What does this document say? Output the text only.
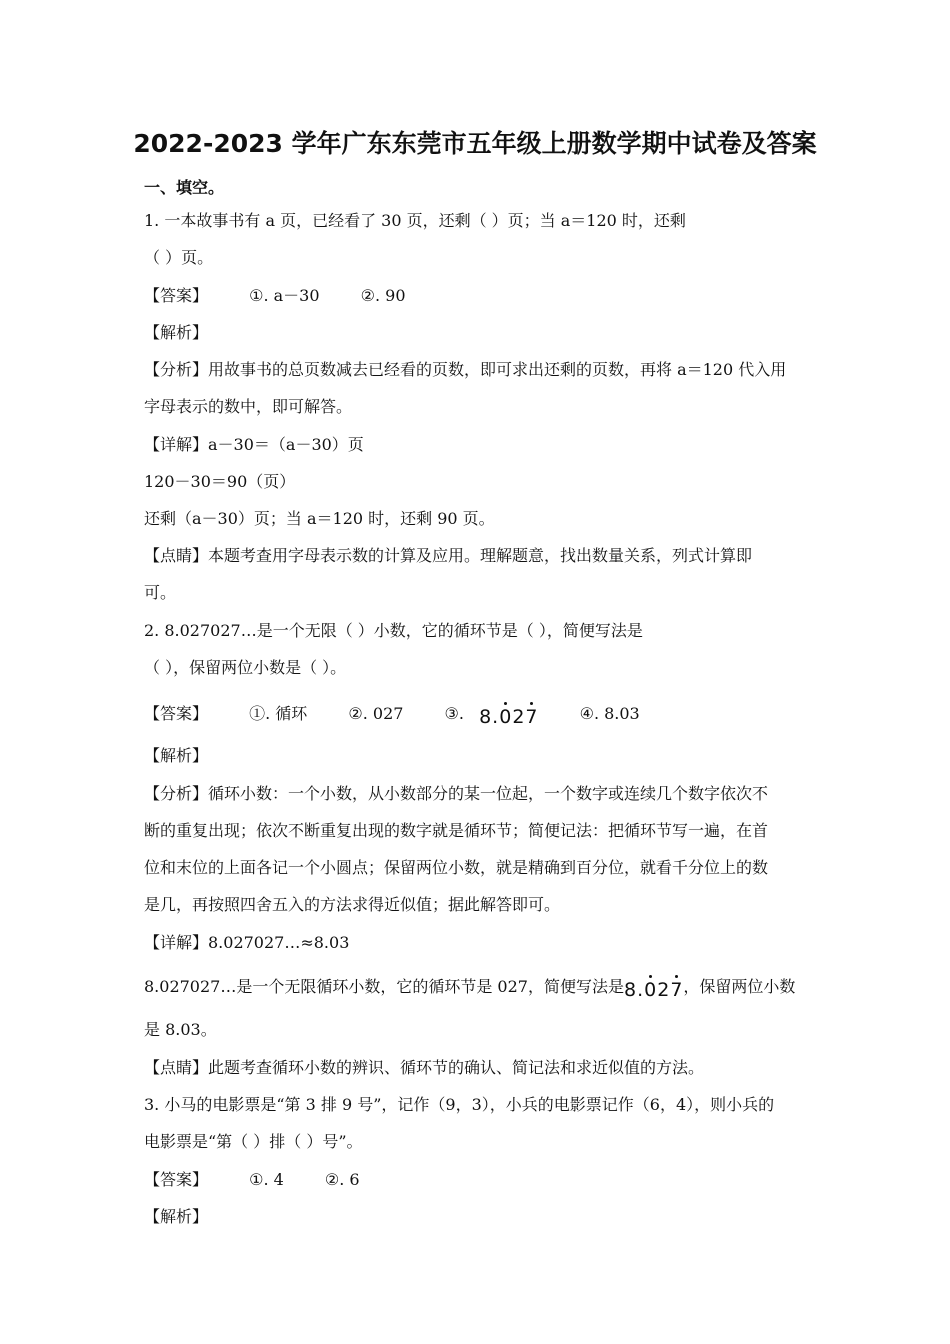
2022-2023 学年广东东莞市五年级上册数学期中试卷及答案
一、填空。
1. 一本故事书有 a 页，已经看了 30 页，还剩（ ）页；当 a＝120 时，还剩
（ ）页。
【答案】	①. a－30	②. 90
【解析】
【分析】用故事书的总页数减去已经看的页数，即可求出还剩的页数，再将 a＝120 代入用
字母表示的数中，即可解答。
【详解】a－30＝（a－30）页
120－30＝90（页）
还剩（a－30）页；当 a＝120 时，还剩 90 页。
【点睛】本题考查用字母表示数的计算及应用。理解题意，找出数量关系，列式计算即
可。
2. 8.027027…是一个无限（ ）小数，它的循环节是（ ），简便写法是
（ ），保留两位小数是（ ）。
【答案】	①. 循环	②. 027	③. 8.027	④. 8.03
【解析】
【分析】循环小数：一个小数，从小数部分的某一位起，一个数字或连续几个数字依次不
断的重复出现；依次不断重复出现的数字就是循环节；简便记法：把循环节写一遍，在首
位和末位的上面各记一个小圆点；保留两位小数，就是精确到百分位，就看千分位上的数
是几，再按照四舍五入的方法求得近似值；据此解答即可。
【详解】8.027027…≈8.03
8.027027…是一个无限循环小数，它的循环节是 027，简便写法是8.027，保留两位小数
是 8.03。
【点睛】此题考查循环小数的辨识、循环节的确认、简记法和求近似值的方法。
3. 小马的电影票是“第 3 排 9 号”，记作（9，3），小兵的电影票记作（6，4），则小兵的
电影票是“第（ ）排（ ）号”。
【答案】	①. 4	②. 6
【解析】
